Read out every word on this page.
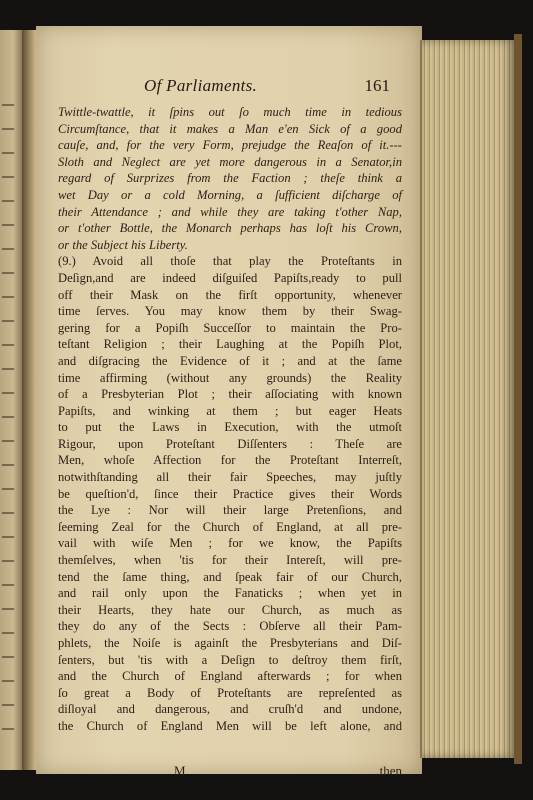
Of Parliaments.	161
Twittle-twattle, it ſpins out ſo much time in tedious
Circumſtance, that it makes a Man e'en Sick of a good
cauſe, and, for the very Form, prejudge the Reaſon of it.---
Sloth and Neglect are yet more dangerous in a Senator,in
regard of Surprizes from the Faction ; theſe think a
wet Day or a cold Morning, a ſufficient diſcharge of
their Attendance ; and while they are taking t'other Nap,
or t'other Bottle, the Monarch perhaps has loſt his Crown,
or the Subject his Liberty.
(9.) Avoid all thoſe that play the Proteſtants in
Deſign,and are indeed diſguiſed Papiſts,ready to pull
off their Mask on the firſt opportunity, whenever
time ſerves. You may know them by their Swag-
gering for a Popiſh Succeſſor to maintain the Pro-
teſtant Religion ; their Laughing at the Popiſh Plot,
and diſgracing the Evidence of it ; and at the ſame
time affirming (without any grounds) the Reality
of a Presbyterian Plot ; their aſſociating with known
Papiſts, and winking at them ; but eager Heats
to put the Laws in Execution, with the utmoſt
Rigour, upon Proteſtant Diſſenters : Theſe are
Men, whoſe Affection for the Proteſtant Interreſt,
notwithſtanding all their fair Speeches, may juſtly
be queſtion'd, ſince their Practice gives their Words
the Lye : Nor will their large Pretenſions, and
ſeeming Zeal for the Church of England, at all pre-
vail with wiſe Men ; for we know, the Papiſts
themſelves, when 'tis for their Intereſt, will pre-
tend the ſame thing, and ſpeak fair of our Church,
and rail only upon the Fanaticks ; when yet in
their Hearts, they hate our Church, as much as
they do any of the Sects : Obſerve all their Pam-
phlets, the Noiſe is againſt the Presbyterians and Diſ-
ſenters, but 'tis with a Deſign to deſtroy them firſt,
and the Church of England afterwards ; for when
ſo great a Body of Proteſtants are repreſented as
diſloyal and dangerous, and cruſh'd and undone,
the Church of England Men will be left alone, and
M	then
